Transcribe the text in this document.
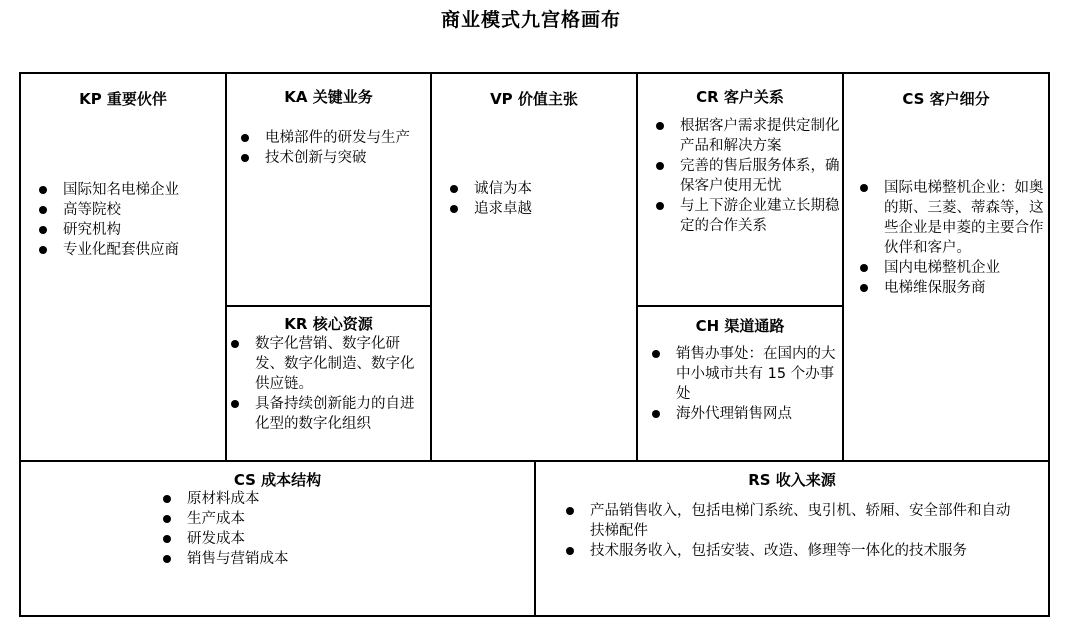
商业模式九宫格画布
KP 重要伙伴
国际知名电梯企业
高等院校
研究机构
专业化配套供应商
KA 关键业务
电梯部件的研发与生产
技术创新与突破
KR 核心资源
数字化营销、数字化研发、数字化制造、数字化供应链。
具备持续创新能力的自进化型的数字化组织
VP 价值主张
诚信为本
追求卓越
CR 客户关系
根据客户需求提供定制化产品和解决方案
完善的售后服务体系，确保客户使用无忧
与上下游企业建立长期稳定的合作关系
CH 渠道通路
销售办事处：在国内的大中小城市共有 15 个办事处
海外代理销售网点
CS 客户细分
国际电梯整机企业：如奥的斯、三菱、蒂森等，这些企业是申菱的主要合作伙伴和客户。
国内电梯整机企业
电梯维保服务商
CS 成本结构
原材料成本
生产成本
研发成本
销售与营销成本
RS 收入来源
产品销售收入，包括电梯门系统、曳引机、轿厢、安全部件和自动扶梯配件
技术服务收入，包括安装、改造、修理等一体化的技术服务
